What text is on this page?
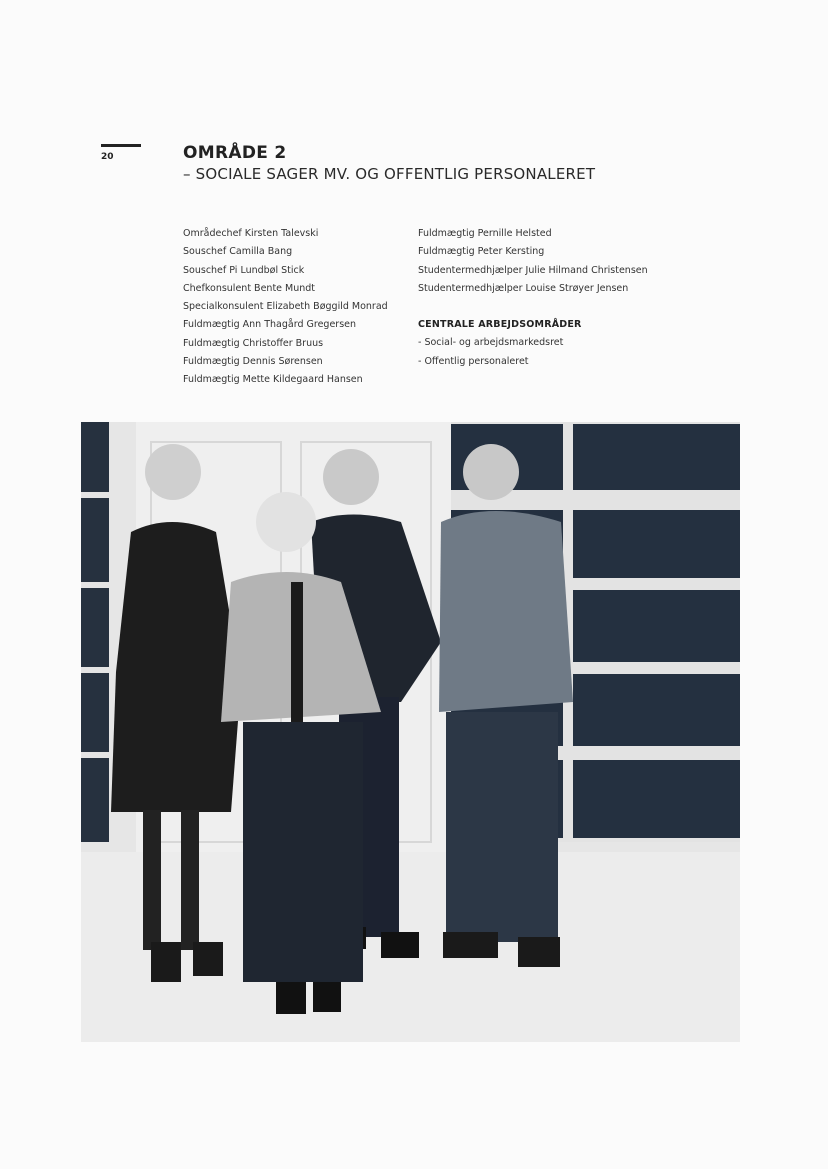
20	OMRÅDE 2
– SOCIALE SAGER MV. OG OFFENTLIG PERSONALERET

Områdechef Kirsten Talevski

Souschef Camilla Bang

Souschef Pi Lundbøl Stick

Chefkonsulent Bente Mundt

Specialkonsulent Elizabeth Bøggild Monrad

Fuldmægtig Ann Thagård Gregersen

Fuldmægtig Christoffer Bruus

Fuldmægtig Dennis Sørensen

Fuldmægtig Mette Kildegaard Hansen

Fuldmægtig Pernille Helsted

Fuldmægtig Peter Kersting

Studentermedhjælper Julie Hilmand Christensen

Studentermedhjælper Louise Strøyer Jensen

CENTRALE ARBEJDSOMRÅDER

- Social- og arbejdsmarkedsret

- Offentlig personaleret
